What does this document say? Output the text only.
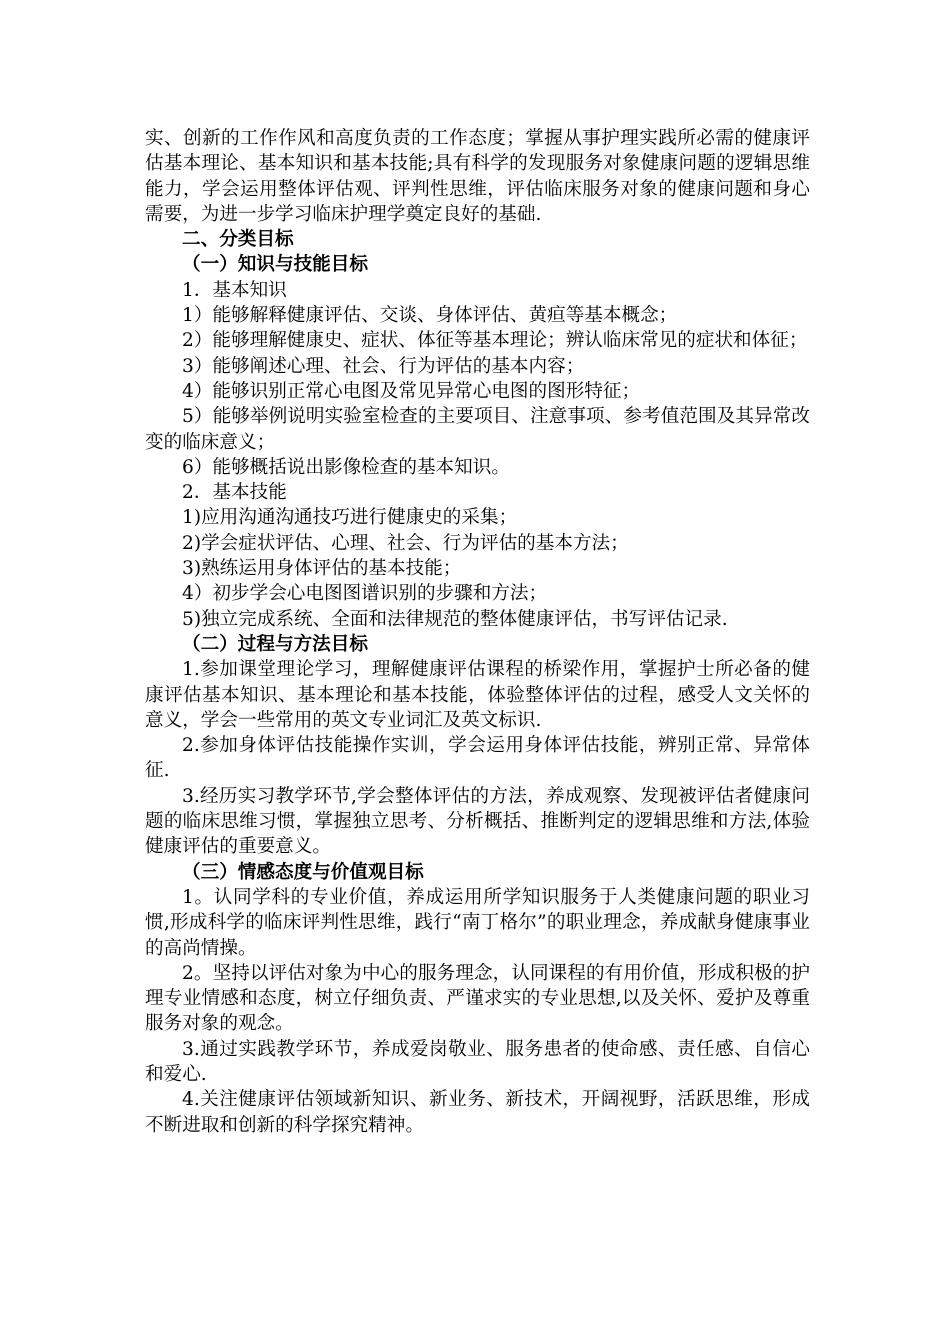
实、创新的工作作风和高度负责的工作态度；掌握从事护理实践所必需的健康评估基本理论、基本知识和基本技能;具有科学的发现服务对象健康问题的逻辑思维能力，学会运用整体评估观、评判性思维，评估临床服务对象的健康问题和身心需要，为进一步学习临床护理学奠定良好的基础.

二、分类目标

（一）知识与技能目标

1．基本知识

1）能够解释健康评估、交谈、身体评估、黄疸等基本概念；

2）能够理解健康史、症状、体征等基本理论；辨认临床常见的症状和体征；

3）能够阐述心理、社会、行为评估的基本内容；

4）能够识别正常心电图及常见异常心电图的图形特征；

5）能够举例说明实验室检查的主要项目、注意事项、参考值范围及其异常改变的临床意义；

6）能够概括说出影像检查的基本知识。

2．基本技能

1)应用沟通沟通技巧进行健康史的采集；

2)学会症状评估、心理、社会、行为评估的基本方法；

3)熟练运用身体评估的基本技能；

4）初步学会心电图图谱识别的步骤和方法；

5)独立完成系统、全面和法律规范的整体健康评估，书写评估记录.

（二）过程与方法目标

1.参加课堂理论学习，理解健康评估课程的桥梁作用，掌握护士所必备的健康评估基本知识、基本理论和基本技能，体验整体评估的过程，感受人文关怀的意义，学会一些常用的英文专业词汇及英文标识.

2.参加身体评估技能操作实训，学会运用身体评估技能，辨别正常、异常体征.

3.经历实习教学环节,学会整体评估的方法，养成观察、发现被评估者健康问题的临床思维习惯，掌握独立思考、分析概括、推断判定的逻辑思维和方法,体验健康评估的重要意义。

（三）情感态度与价值观目标

1。认同学科的专业价值，养成运用所学知识服务于人类健康问题的职业习惯,形成科学的临床评判性思维，践行“南丁格尔”的职业理念，养成献身健康事业的高尚情操。

2。坚持以评估对象为中心的服务理念，认同课程的有用价值，形成积极的护理专业情感和态度，树立仔细负责、严谨求实的专业思想,以及关怀、爱护及尊重服务对象的观念。

3.通过实践教学环节，养成爱岗敬业、服务患者的使命感、责任感、自信心和爱心.

4.关注健康评估领域新知识、新业务、新技术，开阔视野，活跃思维，形成不断进取和创新的科学探究精神。
